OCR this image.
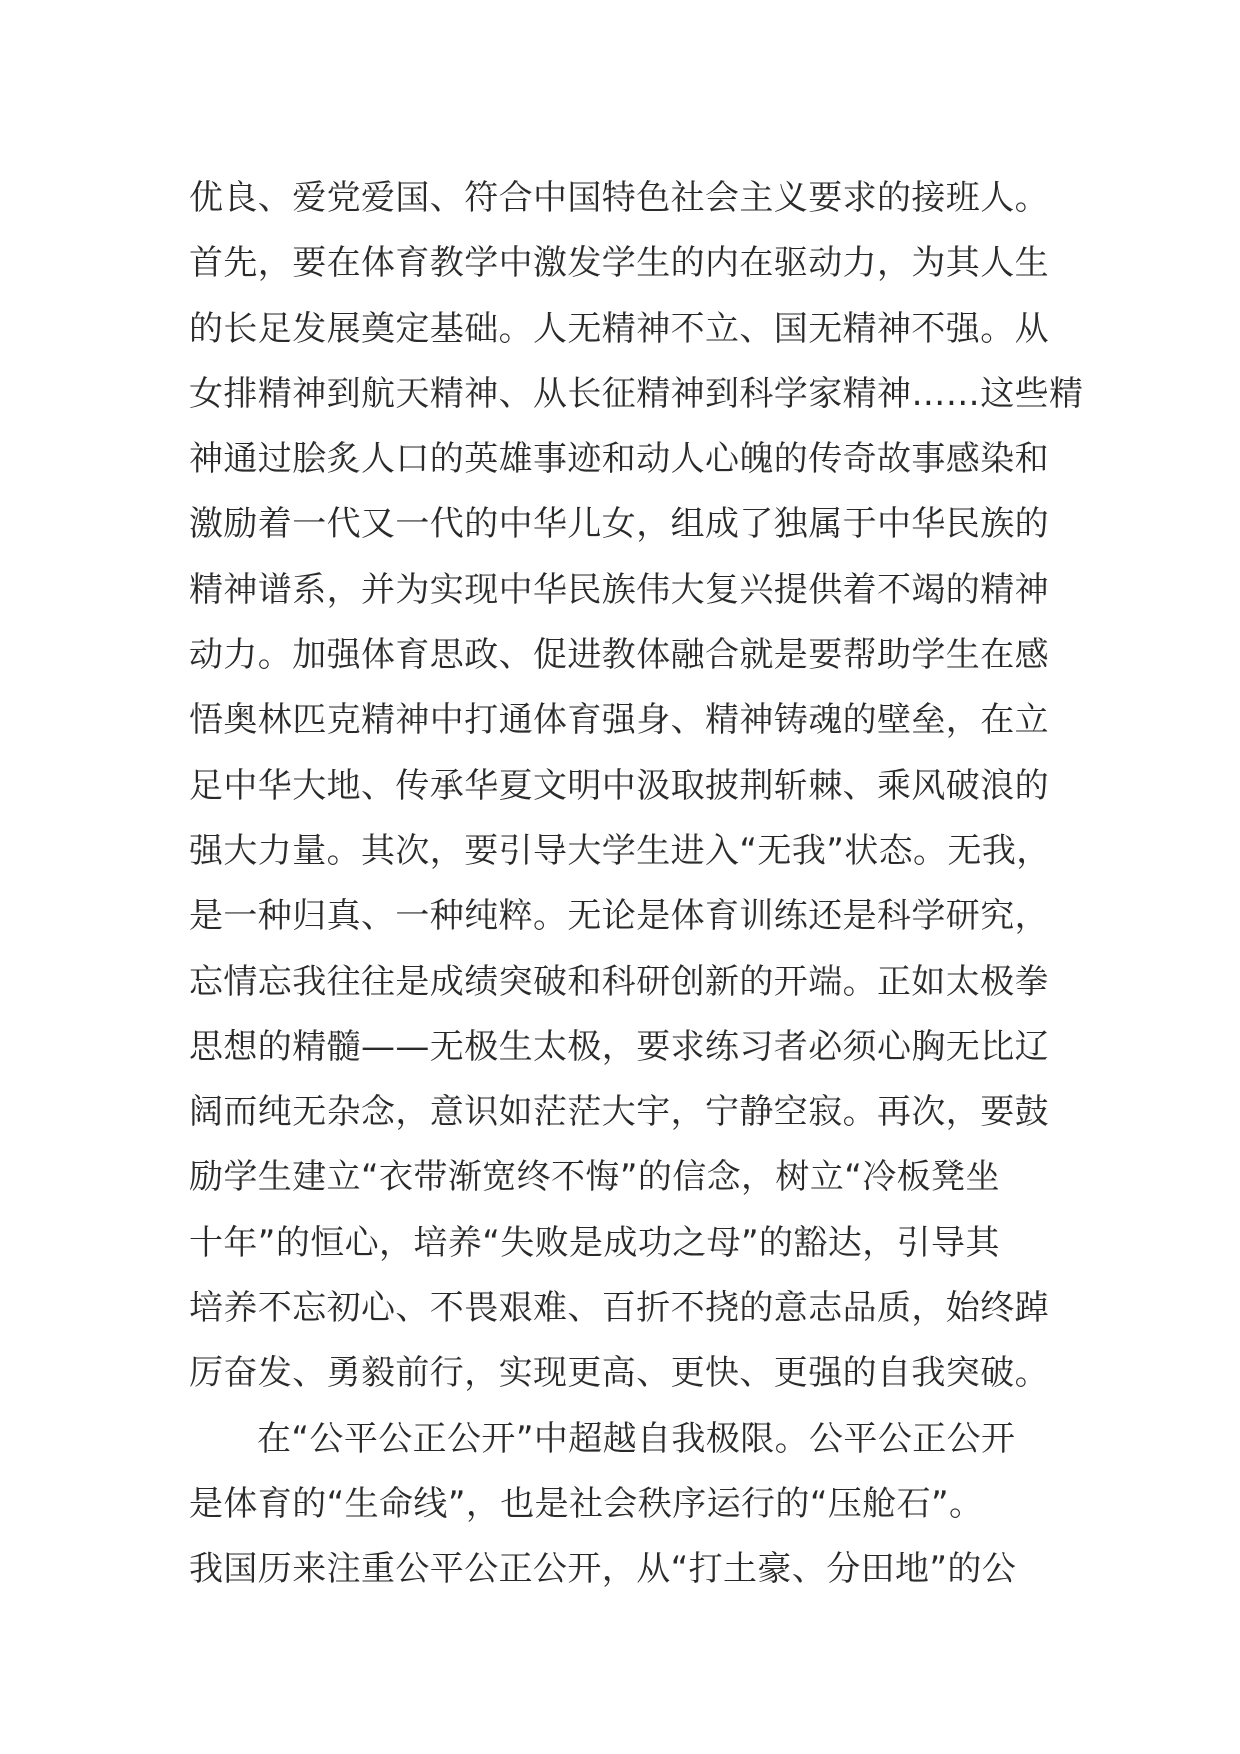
优良、爱党爱国、符合中国特色社会主义要求的接班人。
首先，要在体育教学中激发学生的内在驱动力，为其人生
的长足发展奠定基础。人无精神不立、国无精神不强。从
女排精神到航天精神、从长征精神到科学家精神……这些精
神通过脍炙人口的英雄事迹和动人心魄的传奇故事感染和
激励着一代又一代的中华儿女，组成了独属于中华民族的
精神谱系，并为实现中华民族伟大复兴提供着不竭的精神
动力。加强体育思政、促进教体融合就是要帮助学生在感
悟奥林匹克精神中打通体育强身、精神铸魂的壁垒，在立
足中华大地、传承华夏文明中汲取披荆斩棘、乘风破浪的
强大力量。其次，要引导大学生进入“无我”状态。无我，
是一种归真、一种纯粹。无论是体育训练还是科学研究，
忘情忘我往往是成绩突破和科研创新的开端。正如太极拳
思想的精髓——无极生太极，要求练习者必须心胸无比辽
阔而纯无杂念，意识如茫茫大宇，宁静空寂。再次，要鼓
励学生建立“衣带渐宽终不悔”的信念，树立“冷板凳坐
十年”的恒心，培养“失败是成功之母”的豁达，引导其
培养不忘初心、不畏艰难、百折不挠的意志品质，始终踔
厉奋发、勇毅前行，实现更高、更快、更强的自我突破。
在“公平公正公开”中超越自我极限。公平公正公开
是体育的“生命线”，也是社会秩序运行的“压舱石”。
我国历来注重公平公正公开，从“打土豪、分田地”的公
